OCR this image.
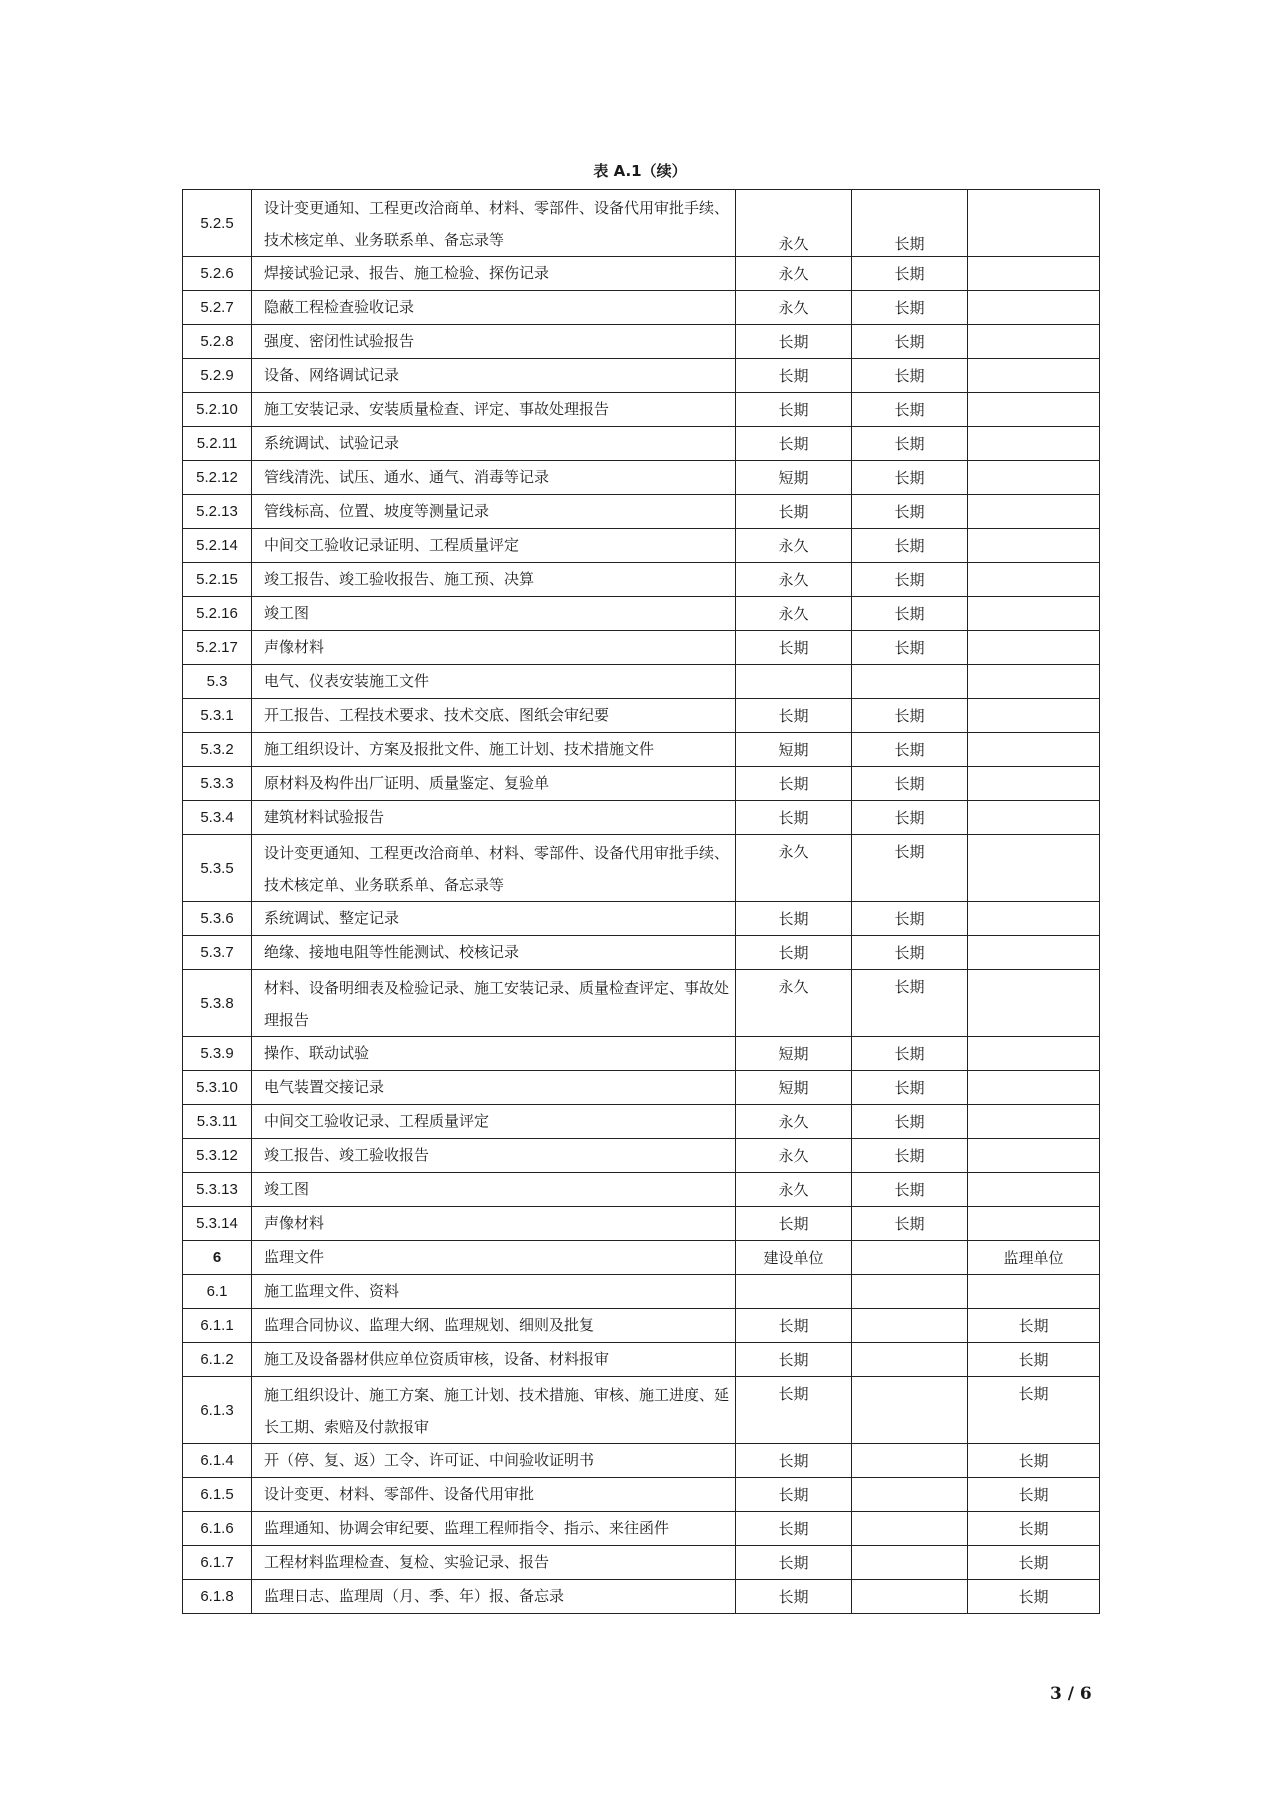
表 A.1（续）
5.2.5	设计变更通知、工程更改洽商单、材料、零部件、设备代用审批手续、技术核定单、业务联系单、备忘录等	永久	长期	
5.2.6	焊接试验记录、报告、施工检验、探伤记录	永久	长期	
5.2.7	隐蔽工程检查验收记录	永久	长期	
5.2.8	强度、密闭性试验报告	长期	长期	
5.2.9	设备、网络调试记录	长期	长期	
5.2.10	施工安装记录、安装质量检查、评定、事故处理报告	长期	长期	
5.2.11	系统调试、试验记录	长期	长期	
5.2.12	管线清洗、试压、通水、通气、消毒等记录	短期	长期	
5.2.13	管线标高、位置、坡度等测量记录	长期	长期	
5.2.14	中间交工验收记录证明、工程质量评定	永久	长期	
5.2.15	竣工报告、竣工验收报告、施工预、决算	永久	长期	
5.2.16	竣工图	永久	长期	
5.2.17	声像材料	长期	长期	
5.3	电气、仪表安装施工文件			
5.3.1	开工报告、工程技术要求、技术交底、图纸会审纪要	长期	长期	
5.3.2	施工组织设计、方案及报批文件、施工计划、技术措施文件	短期	长期	
5.3.3	原材料及构件出厂证明、质量鉴定、复验单	长期	长期	
5.3.4	建筑材料试验报告	长期	长期	
5.3.5	设计变更通知、工程更改洽商单、材料、零部件、设备代用审批手续、技术核定单、业务联系单、备忘录等	永久	长期	
5.3.6	系统调试、整定记录	长期	长期	
5.3.7	绝缘、接地电阻等性能测试、校核记录	长期	长期	
5.3.8	材料、设备明细表及检验记录、施工安装记录、质量检查评定、事故处理报告	永久	长期	
5.3.9	操作、联动试验	短期	长期	
5.3.10	电气装置交接记录	短期	长期	
5.3.11	中间交工验收记录、工程质量评定	永久	长期	
5.3.12	竣工报告、竣工验收报告	永久	长期	
5.3.13	竣工图	永久	长期	
5.3.14	声像材料	长期	长期	
6	监理文件	建设单位		监理单位
6.1	施工监理文件、资料			
6.1.1	监理合同协议、监理大纲、监理规划、细则及批复	长期		长期
6.1.2	施工及设备器材供应单位资质审核，设备、材料报审	长期		长期
6.1.3	施工组织设计、施工方案、施工计划、技术措施、审核、施工进度、延长工期、索赔及付款报审	长期		长期
6.1.4	开（停、复、返）工令、许可证、中间验收证明书	长期		长期
6.1.5	设计变更、材料、零部件、设备代用审批	长期		长期
6.1.6	监理通知、协调会审纪要、监理工程师指令、指示、来往函件	长期		长期
6.1.7	工程材料监理检查、复检、实验记录、报告	长期		长期
6.1.8	监理日志、监理周（月、季、年）报、备忘录	长期		长期
3 / 6
